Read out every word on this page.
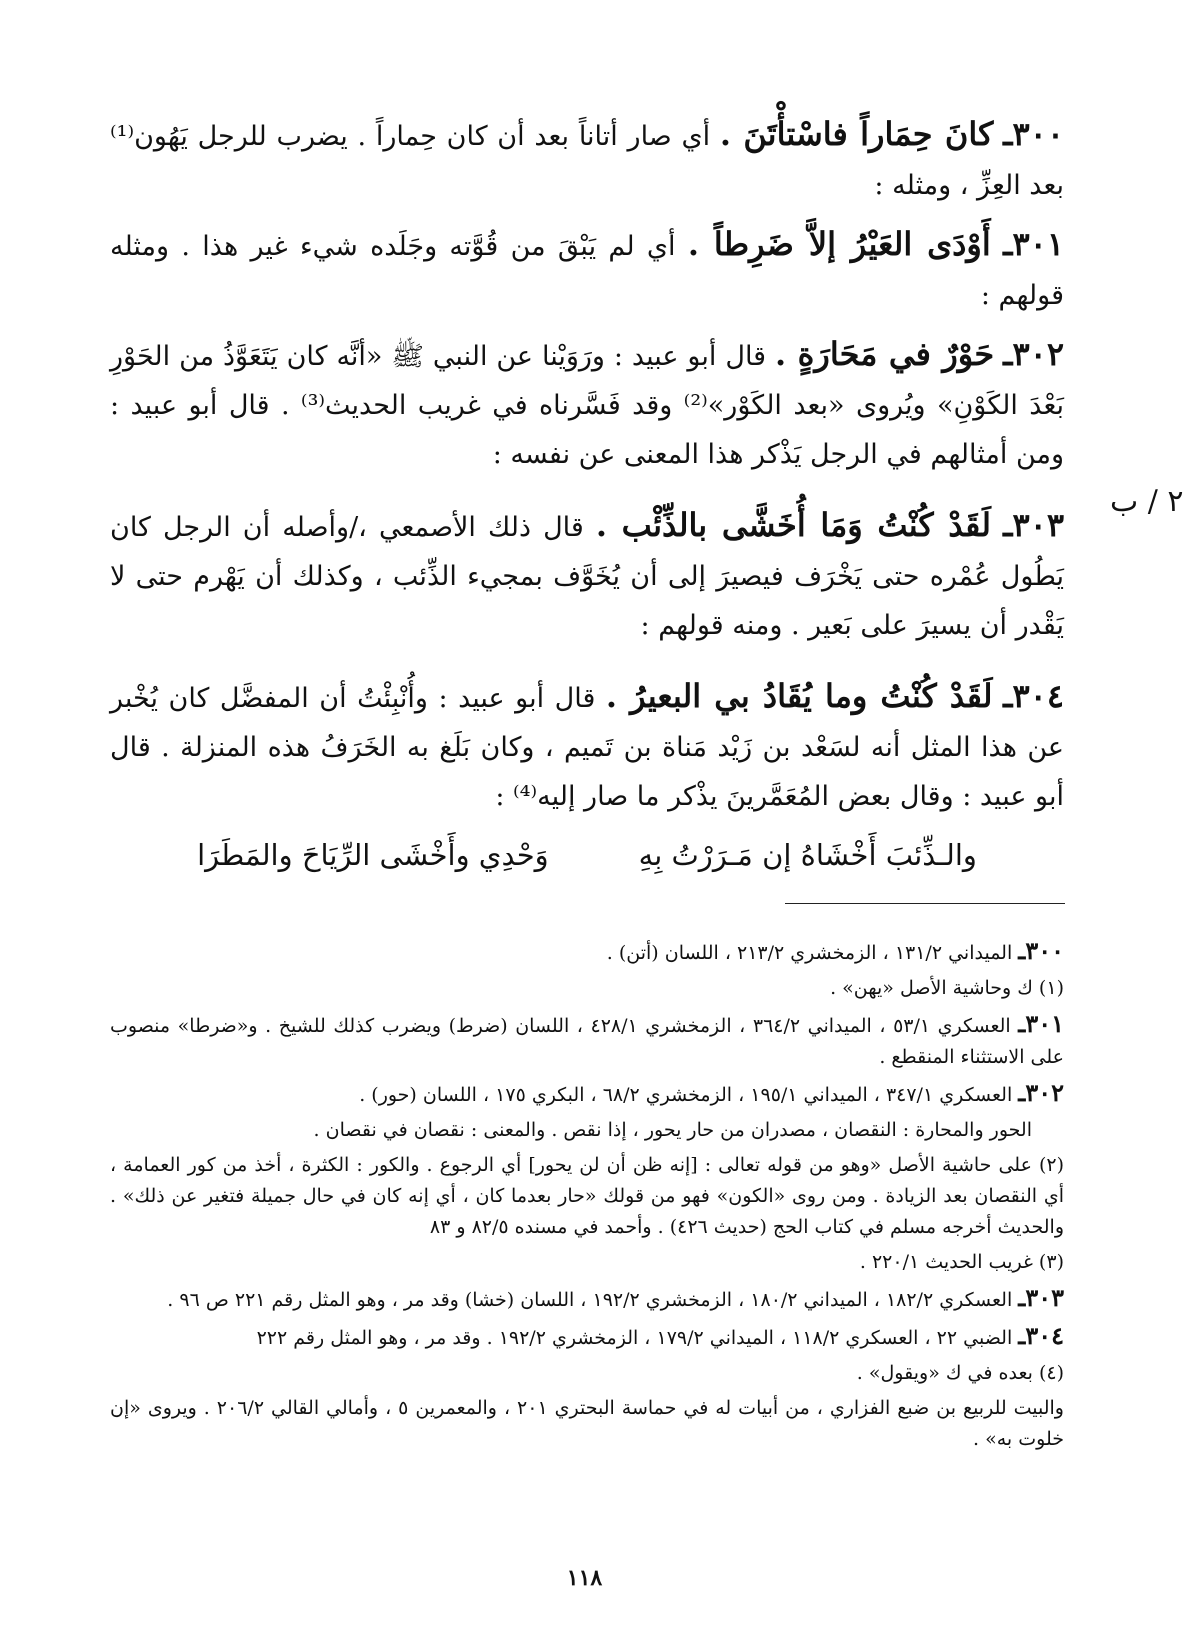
٢ / ب

٣٠٠ـ كانَ حِمَاراً فاسْتأْتَنَ . أي صار أتاناً بعد أن كان حِماراً . يضرب للرجل يَهُون⁽¹⁾ بعد العِزِّ ، ومثله :

٣٠١ـ أَوْدَى العَيْرُ إلاَّ ضَرِطاً . أي لم يَبْقَ من قُوَّته وجَلَده شيء غير هذا . ومثله قولهم :

٣٠٢ـ حَوْرٌ في مَحَارَةٍ . قال أبو عبيد : ورَوَيْنا عن النبي ﷺ «أنَّه كان يَتَعَوَّذُ من الحَوْرِ بَعْدَ الكَوْنِ» ويُروى «بعد الكَوْر»⁽²⁾ وقد فَسَّرناه في غريب الحديث⁽³⁾ . قال أبو عبيد : ومن أمثالهم في الرجل يَذْكر هذا المعنى عن نفسه :

٣٠٣ـ لَقَدْ كُنْتُ وَمَا أُخَشَّى بالذِّئْب . قال ذلك الأصمعي ،/وأصله أن الرجل كان يَطُول عُمْره حتى يَخْرَف فيصيرَ إلى أن يُخَوَّف بمجيء الذِّئب ، وكذلك أن يَهْرم حتى لا يَقْدر أن يسيرَ على بَعير . ومنه قولهم :

٣٠٤ـ لَقَدْ كُنْتُ وما يُقَادُ بي البعيرُ . قال أبو عبيد : وأُنْبِئْتُ أن المفضَّل كان يُخْبر عن هذا المثل أنه لسَعْد بن زَيْد مَناة بن تَميم ، وكان بَلَغ به الخَرَفُ هذه المنزلة . قال أبو عبيد : وقال بعض المُعَمَّرينَ يذْكر ما صار إليه⁽⁴⁾ :

والـذِّئبَ أَخْشَاهُ إن مَـرَرْتُ بِهِ
وَحْدِي وأَخْشَى الرِّيَاحَ والمَطَرَا

٣٠٠ـ الميداني ١٣١/٢ ، الزمخشري ٢١٣/٢ ، اللسان (أتن) .

(١) ك وحاشية الأصل «يهن» .

٣٠١ـ العسكري ٥٣/١ ، الميداني ٣٦٤/٢ ، الزمخشري ٤٢٨/١ ، اللسان (ضرط) ويضرب كذلك للشيخ . و«ضرطا» منصوب على الاستثناء المنقطع .

٣٠٢ـ العسكري ٣٤٧/١ ، الميداني ١٩٥/١ ، الزمخشري ٦٨/٢ ، البكري ١٧٥ ، اللسان (حور) .

الحور والمحارة : النقصان ، مصدران من حار يحور ، إذا نقص . والمعنى : نقصان في نقصان .

(٢) على حاشية الأصل «وهو من قوله تعالى : [إنه ظن أن لن يحور] أي الرجوع . والكور : الكثرة ، أخذ من كور العمامة ، أي النقصان بعد الزيادة . ومن روى «الكون» فهو من قولك «حار بعدما كان ، أي إنه كان في حال جميلة فتغير عن ذلك» . والحديث أخرجه مسلم في كتاب الحج (حديث ٤٢٦) . وأحمد في مسنده ٨٢/٥ و ٨٣

(٣) غريب الحديث ٢٢٠/١ .

٣٠٣ـ العسكري ١٨٢/٢ ، الميداني ١٨٠/٢ ، الزمخشري ١٩٢/٢ ، اللسان (خشا) وقد مر ، وهو المثل رقم ٢٢١ ص ٩٦ .

٣٠٤ـ الضبي ٢٢ ، العسكري ١١٨/٢ ، الميداني ١٧٩/٢ ، الزمخشري ١٩٢/٢ . وقد مر ، وهو المثل رقم ٢٢٢

(٤) بعده في ك «ويقول» .

والبيت للربيع بن ضبع الفزاري ، من أبيات له في حماسة البحتري ٢٠١ ، والمعمرين ٥ ، وأمالي القالي ٢٠٦/٢ . ويروى «إن خلوت به» .

١١٨
